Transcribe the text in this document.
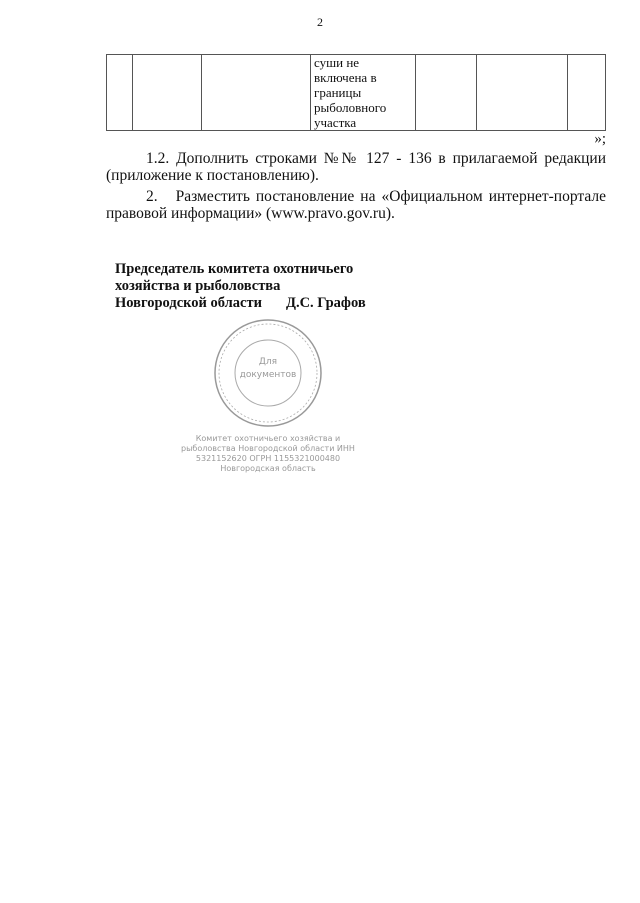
2

суши не
включена в
границы
рыболовного
участка

»;
1.2. Дополнить строками №№ 127 - 136 в прилагаемой редакции (приложение к постановлению).
2.   Разместить постановление на «Официальном интернет-портале правовой информации» (www.pravo.gov.ru).
Председатель комитета охотничьего
хозяйства и рыболовства
Новгородской области Д.С. Графов
Для
документов
Комитет охотничьего хозяйства и рыболовства Новгородской области ИНН 5321152620 ОГРН 1155321000480 Новгородская область
